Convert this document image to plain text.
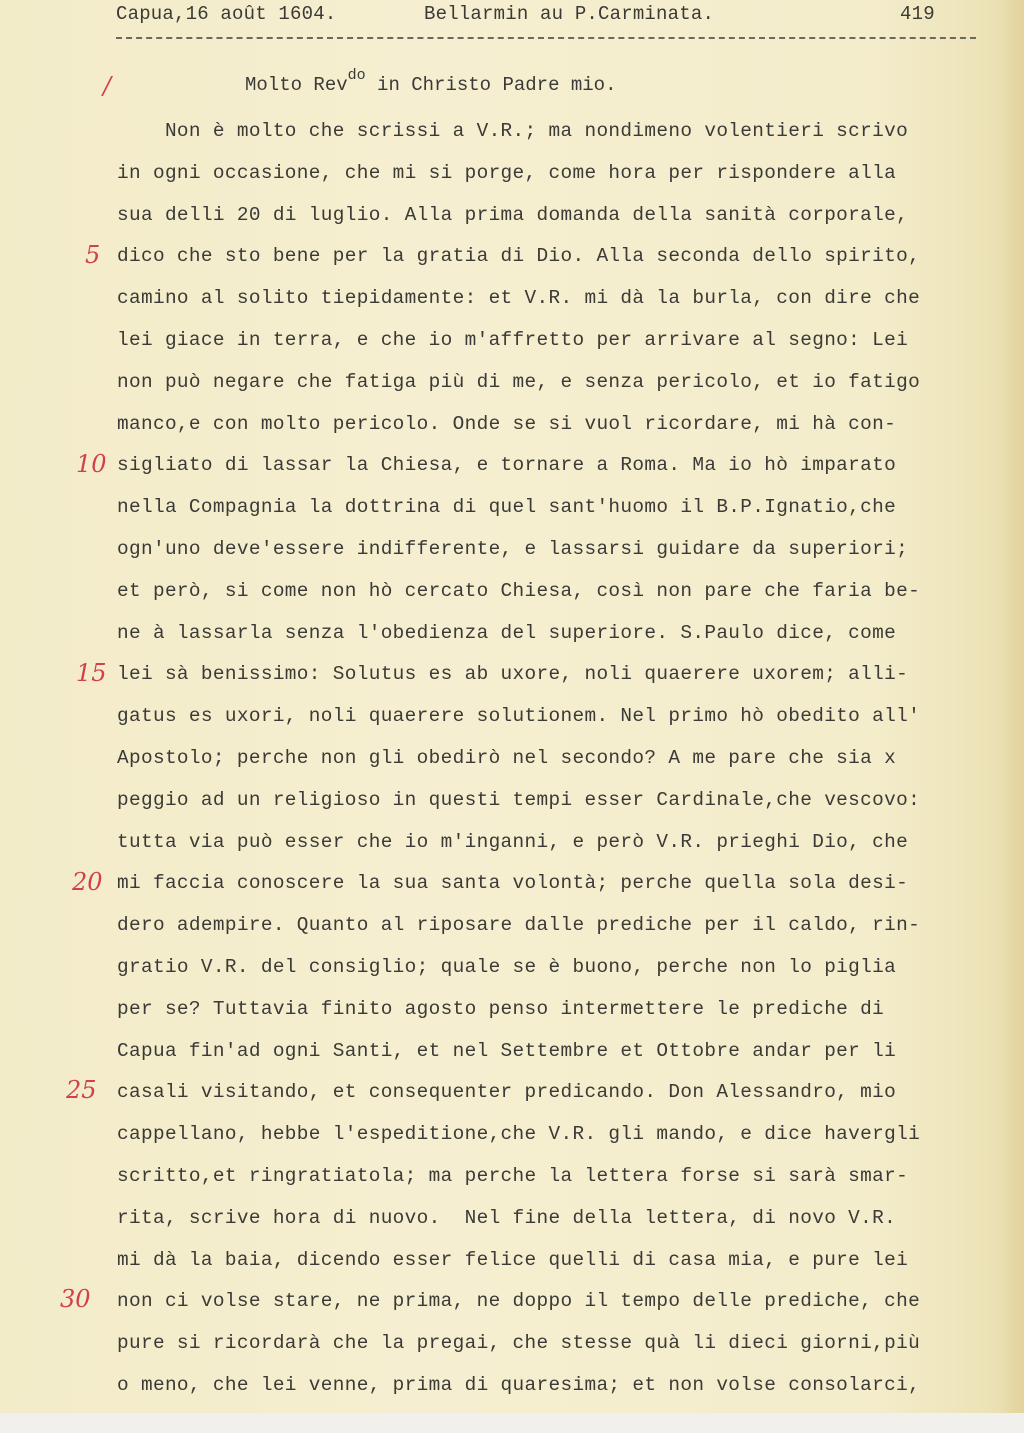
Capua,16 août 1604.	Bellarmin au P.Carminata.	419
Molto Rev$^{do}$ in Christo Padre mio.
/
5
10
15
20
25
30
Non è molto che scrissi a V.R.; ma nondimeno volentieri scrivo
in ogni occasione, che mi si porge, come hora per rispondere alla
sua delli 20 di luglio. Alla prima domanda della sanità corporale,
dico che sto bene per la gratia di Dio. Alla seconda dello spirito,
camino al solito tiepidamente: et V.R. mi dà la burla, con dire che
lei giace in terra, e che io m'affretto per arrivare al segno: Lei
non può negare che fatiga più di me, e senza pericolo, et io fatigo
manco,e con molto pericolo. Onde se si vuol ricordare, mi hà con-
sigliato di lassar la Chiesa, e tornare a Roma. Ma io hò imparato
nella Compagnia la dottrina di quel sant'huomo il B.P.Ignatio,che
ogn'uno deve'essere indifferente, e lassarsi guidare da superiori;
et però, si come non hò cercato Chiesa, così non pare che faria be-
ne à lassarla senza l'obedienza del superiore. S.Paulo dice, come
lei sà benissimo: Solutus es ab uxore, noli quaerere uxorem; alli-
gatus es uxori, noli quaerere solutionem. Nel primo hò obedito all'
Apostolo; perche non gli obedirò nel secondo? A me pare che sia x
peggio ad un religioso in questi tempi esser Cardinale,che vescovo:
tutta via può esser che io m'inganni, e però V.R. prieghi Dio, che
mi faccia conoscere la sua santa volontà; perche quella sola desi-
dero adempire. Quanto al riposare dalle prediche per il caldo, rin-
gratio V.R. del consiglio; quale se è buono, perche non lo piglia
per se? Tuttavia finito agosto penso intermettere le prediche di
Capua fin'ad ogni Santi, et nel Settembre et Ottobre andar per li
casali visitando, et consequenter predicando. Don Alessandro, mio
cappellano, hebbe l'espeditione,che V.R. gli mando, e dice havergli
scritto,et ringratiatola; ma perche la lettera forse si sarà smar-
rita, scrive hora di nuovo.  Nel fine della lettera, di novo V.R.
mi dà la baia, dicendo esser felice quelli di casa mia, e pure lei
non ci volse stare, ne prima, ne doppo il tempo delle prediche, che
pure si ricordarà che la pregai, che stesse quà li dieci giorni,più
o meno, che lei venne, prima di quaresima; et non volse consolarci,
